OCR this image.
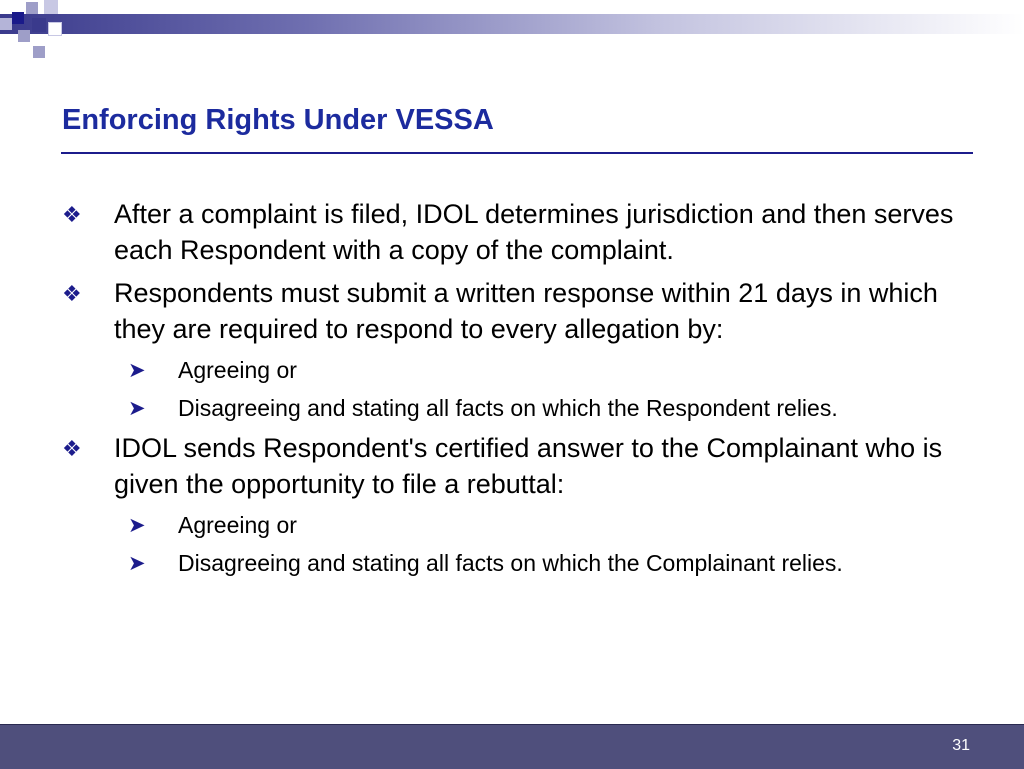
Enforcing Rights Under VESSA

❖ After a complaint is filed, IDOL determines jurisdiction and then serves each Respondent with a copy of the complaint.

❖ Respondents must submit a written response within 21 days in which they are required to respond to every allegation by:

➤ Agreeing or

➤ Disagreeing and stating all facts on which the Respondent relies.

❖ IDOL sends Respondent's certified answer to the Complainant who is given the opportunity to file a rebuttal:

➤ Agreeing or

➤ Disagreeing and stating all facts on which the Complainant relies.

31
